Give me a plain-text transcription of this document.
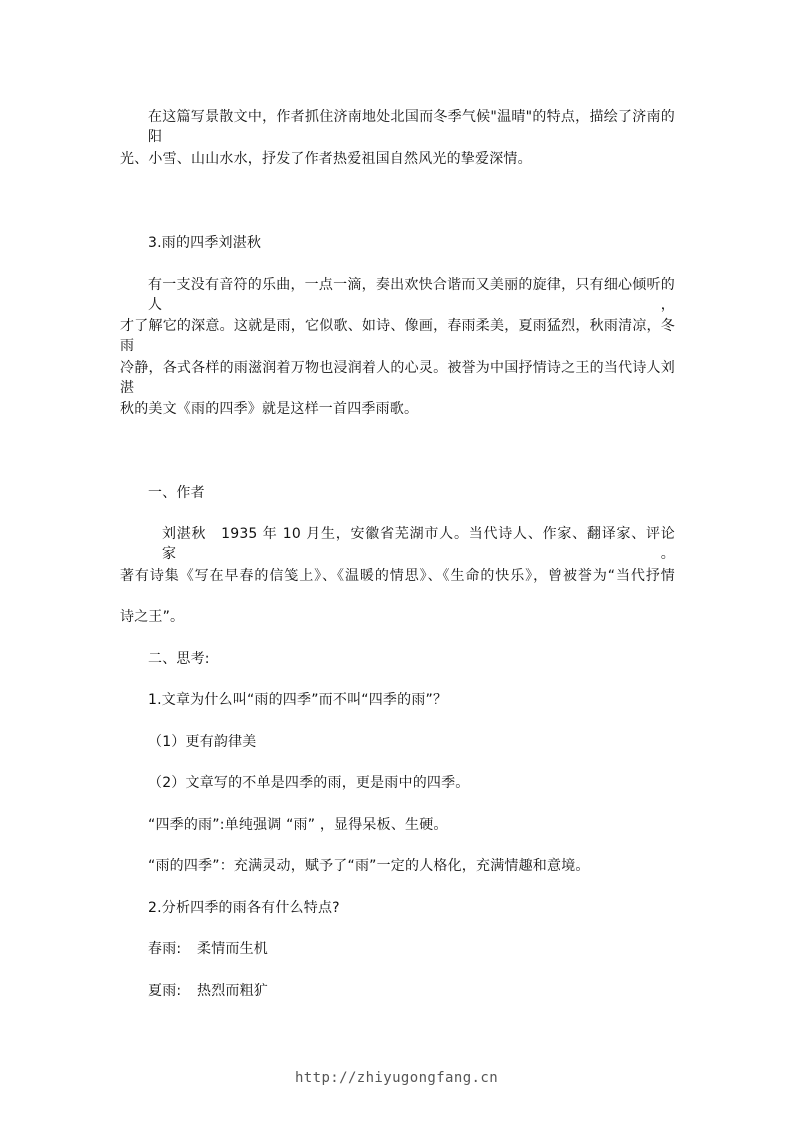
在这篇写景散文中，作者抓住济南地处北国而冬季气候"温晴"的特点，描绘了济南的阳
光、小雪、山山水水，抒发了作者热爱祖国自然风光的挚爱深情。
3.雨的四季刘湛秋
有一支没有音符的乐曲，一点一滴，奏出欢快合谐而又美丽的旋律，只有细心倾听的人，
才了解它的深意。这就是雨，它似歌、如诗、像画，春雨柔美，夏雨猛烈，秋雨清凉，冬雨
冷静，各式各样的雨滋润着万物也浸润着人的心灵。被誉为中国抒情诗之王的当代诗人刘湛
秋的美文《雨的四季》就是这样一首四季雨歌。
一、作者
刘湛秋　1935 年 10 月生，安徽省芜湖市人。当代诗人、作家、翻译家、评论家。
著有诗集《写在早春的信笺上》、《温暖的情思》、《生命的快乐》，曾被誉为“当代抒情
诗之王”。
二、思考:
1.文章为什么叫“雨的四季”而不叫“四季的雨”？
（1）更有韵律美
（2）文章写的不单是四季的雨，更是雨中的四季。
“四季的雨”:单纯强调 “雨” ，显得呆板、生硬。
“雨的四季”：充满灵动，赋予了“雨”一定的人格化，充满情趣和意境。
2.分析四季的雨各有什么特点?
春雨: 柔情而生机
夏雨: 热烈而粗犷
http://zhiyugongfang.cn
